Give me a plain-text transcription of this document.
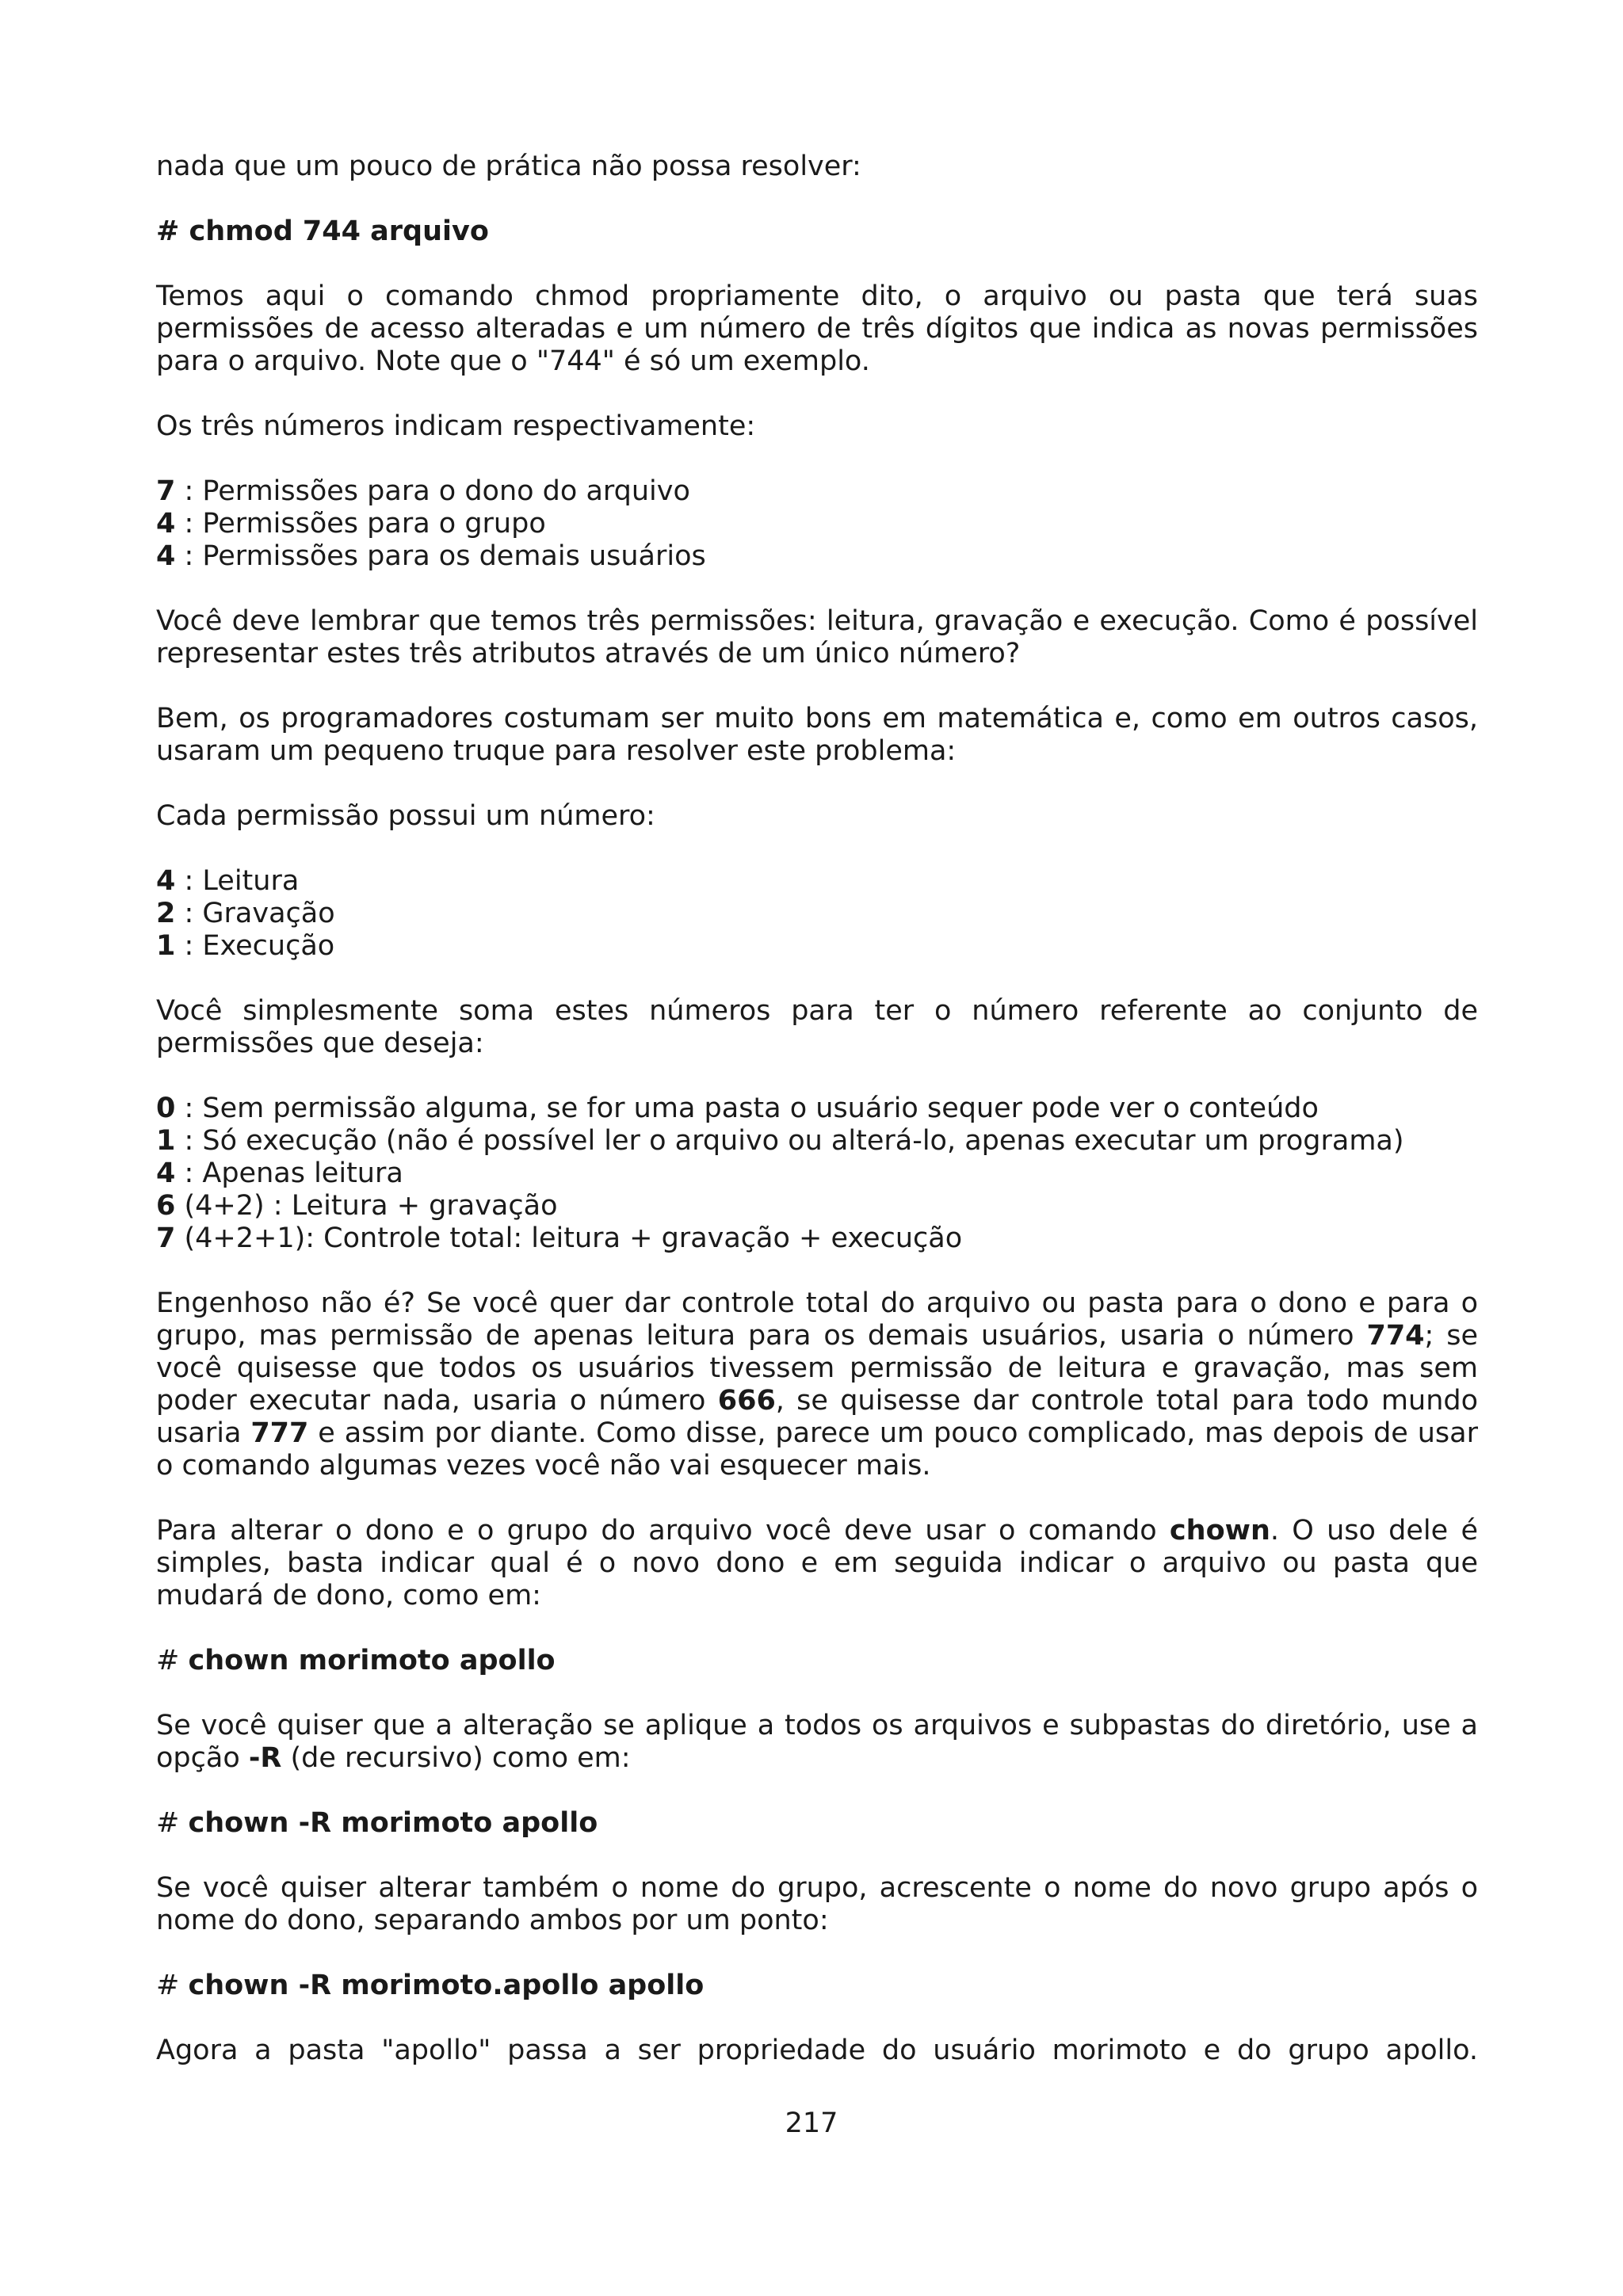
nada que um pouco de prática não possa resolver:

# chmod 744 arquivo

Temos aqui o comando chmod propriamente dito, o arquivo ou pasta que terá suas permissões de acesso alteradas e um número de três dígitos que indica as novas permissões para o arquivo. Note que o "744" é só um exemplo.

Os três números indicam respectivamente:

7 : Permissões para o dono do arquivo

4 : Permissões para o grupo

4 : Permissões para os demais usuários

Você deve lembrar que temos três permissões: leitura, gravação e execução. Como é possível representar estes três atributos através de um único número?

Bem, os programadores costumam ser muito bons em matemática e, como em outros casos, usaram um pequeno truque para resolver este problema:

Cada permissão possui um número:

4 : Leitura

2 : Gravação

1 : Execução

Você simplesmente soma estes números para ter o número referente ao conjunto de permissões que deseja:

0 : Sem permissão alguma, se for uma pasta o usuário sequer pode ver o conteúdo

1 : Só execução (não é possível ler o arquivo ou alterá-lo, apenas executar um programa)

4 : Apenas leitura

6 (4+2) : Leitura + gravação

7 (4+2+1): Controle total: leitura + gravação + execução

Engenhoso não é? Se você quer dar controle total do arquivo ou pasta para o dono e para o grupo, mas permissão de apenas leitura para os demais usuários, usaria o número 774; se você quisesse que todos os usuários tivessem permissão de leitura e gravação, mas sem poder executar nada, usaria o número 666, se quisesse dar controle total para todo mundo usaria 777 e assim por diante. Como disse, parece um pouco complicado, mas depois de usar o comando algumas vezes você não vai esquecer mais.

Para alterar o dono e o grupo do arquivo você deve usar o comando chown. O uso dele é simples, basta indicar qual é o novo dono e em seguida indicar o arquivo ou pasta que mudará de dono, como em:

# chown morimoto apollo

Se você quiser que a alteração se aplique a todos os arquivos e subpastas do diretório, use a opção -R (de recursivo) como em:

# chown -R morimoto apollo

Se você quiser alterar também o nome do grupo, acrescente o nome do novo grupo após o nome do dono, separando ambos por um ponto:

# chown -R morimoto.apollo apollo

Agora a pasta "apollo" passa a ser propriedade do usuário morimoto e do grupo apollo.

217
